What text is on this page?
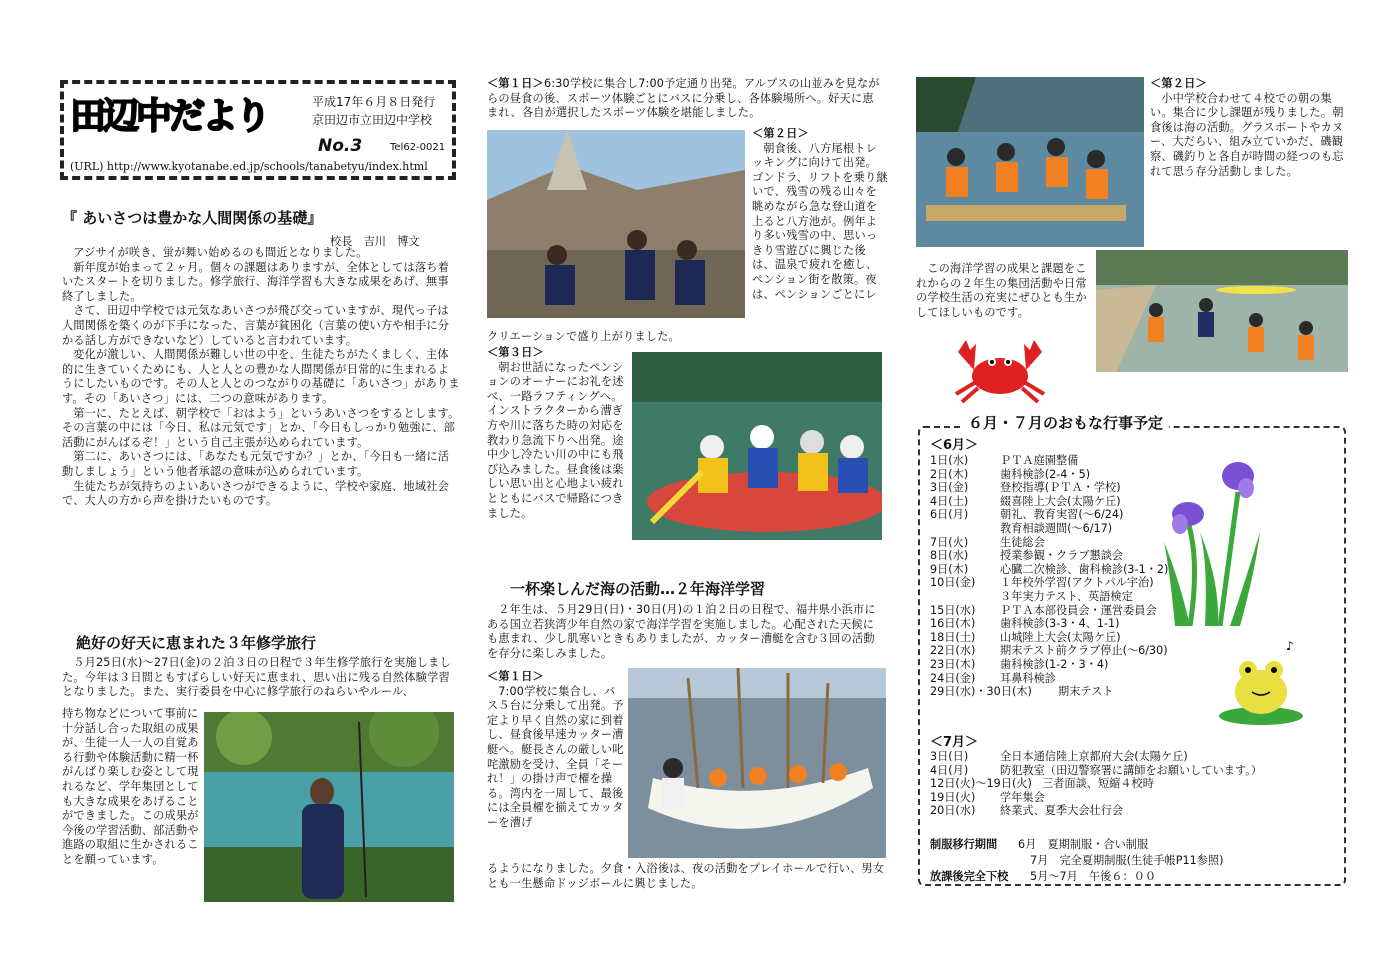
田辺中だより	平成17年６月８日発行
京田辺市立田辺中学校
No.3	Tel62-0021
(URL) http://www.kyotanabe.ed.jp/schools/tanabetyu/index.html
『 あいさつは豊かな人間関係の基礎』
校長　吉川　博文

アジサイが咲き、蛍が舞い始めるのも間近となりました。

新年度が始まって２ヶ月。個々の課題はありますが、全体としては落ち着いたスタートを切りました。修学旅行、海洋学習も大きな成果をあげ、無事終了しました。

さて、田辺中学校では元気なあいさつが飛び交っていますが、現代っ子は人間関係を築くのが下手になった、言葉が貧困化（言葉の使い方や相手に分かる話し方ができないなど）していると言われています。

変化が激しい、人間関係が難しい世の中を、生徒たちがたくましく、主体的に生きていくためにも、人と人との豊かな人間関係が日常的に生まれるようにしたいものです。その人と人とのつながりの基礎に「あいさつ」があります。その「あいさつ」には、二つの意味があります。

第一に、たとえば、朝学校で「おはよう」というあいさつをするとします。その言葉の中には「今日、私は元気です」とか、「今日もしっかり勉強に、部活動にがんばるぞ！」という自己主張が込められています。

第二に、あいさつには、「あなたも元気ですか？」とか、「今日も一緒に活動しましょう」という他者承認の意味が込められています。

生徒たちが気持ちのよいあいさつができるように、学校や家庭、地域社会で、大人の方から声を掛けたいものです。

絶好の好天に恵まれた３年修学旅行

５月25日(水)～27日(金)の２泊３日の日程で３年生修学旅行を実施しました。今年は３日間ともすばらしい好天に恵まれ、思い出に残る自然体験学習となりました。また、実行委員を中心に修学旅行のねらいやルール、

持ち物などについて事前に十分話し合った取組の成果が、生徒一人一人の自覚ある行動や体験活動に精一杯がんばり楽しむ姿として現れるなど、学年集団としても大きな成果をあげることができました。この成果が今後の学習活動、部活動や進路の取組に生かされることを願っています。
＜第１日＞6:30学校に集合し7:00予定通り出発。アルプスの山並みを見ながらの昼食の後、スポーツ体験ごとにバスに分乗し、各体験場所へ。好天に恵まれ、各自が選択したスポーツ体験を堪能しました。
＜第２日＞
朝食後、八方尾根トレッキングに向けて出発。ゴンドラ、リフトを乗り継いで、残雪の残る山々を眺めながら急な登山道を上ると八方池が。例年より多い残雪の中、思いっきり雪遊びに興じた後は、温泉で疲れを癒し、ペンション街を散策。夜は、ペンションごとにレ
クリエーションで盛り上がりました。
＜第３日＞
朝お世話になったペンションのオーナーにお礼を述べ、一路ラフティングへ。インストラクターから漕ぎ方や川に落ちた時の対応を教わり急流下りへ出発。途中少し冷たい川の中にも飛び込みました。昼食後は楽しい思い出と心地よい疲れとともにバスで帰路につきました。
一杯楽しんだ海の活動…２年海洋学習

２年生は、５月29日(日)・30日(月)の１泊２日の日程で、福井県小浜市にある国立若狭湾少年自然の家で海洋学習を実施しました。心配された天候にも恵まれ、少し肌寒いときもありましたが、カッター漕艇を含む３回の活動を存分に楽しみました。

＜第１日＞
7:00学校に集合し、バス５台に分乗して出発。予定より早く自然の家に到着し、昼食後早速カッター漕艇へ。艇長さんの厳しい叱咤激励を受け、全員「そーれ！」の掛け声で櫂を操る。湾内を一周して、最後には全員櫂を揃えてカッターを漕げ
るようになりました。夕食・入浴後は、夜の活動をプレイホールで行い、男女とも一生懸命ドッジボールに興じました。
＜第２日＞
小中学校合わせて４校での朝の集い。集合に少し課題が残りました。朝食後は海の活動。グラスボートやカヌー、大だらい、組み立ていかだ、磯観察、磯釣りと各自が時間の経つのも忘れて思う存分活動しました。

この海洋学習の成果と課題をこれからの２年生の集団活動や日常の学校生活の充実にぜひとも生かしてほしいものです。

６月・７月のおもな行事予定
＜6月＞
1日(水)	ＰＴＡ庭園整備
2日(木)	歯科検診(2-4・5)
3日(金)	登校指導(ＰＴＡ・学校)
4日(土)	綴喜陸上大会(太陽ケ丘)
6日(月)	朝礼、教育実習(～6/24)
教育相談週間(～6/17)
7日(火)	生徒総会
8日(水)	授業参観・クラブ懇談会
9日(木)	心臓二次検診、歯科検診(3-1・2)
10日(金) １年校外学習(アクトパル宇治)
３年実力テスト、英語検定
15日(水) ＰＴＡ本部役員会・運営委員会
16日(木) 歯科検診(3-3・4、1-1)
18日(土) 山城陸上大会(太陽ケ丘)
22日(水) 期末テスト前クラブ停止(～6/30)
23日(木) 歯科検診(1-2・3・4)
24日(金) 耳鼻科検診
29日(水)・30日(木) 期末テスト
＜7月＞
3日(日)	全日本通信陸上京都府大会(太陽ケ丘)
4日(月)	防犯教室（田辺警察署に講師をお願いしています。）
12日(火)～19日(火) 三者面談、短縮４校時
19日(火) 学年集会
20日(水) 終業式、夏季大会壮行会
制服移行期間 6月　夏期制服・合い制服
7月　完全夏期制服(生徒手帳P11参照)
放課後完全下校 5月～7月　午後６：００
♪
